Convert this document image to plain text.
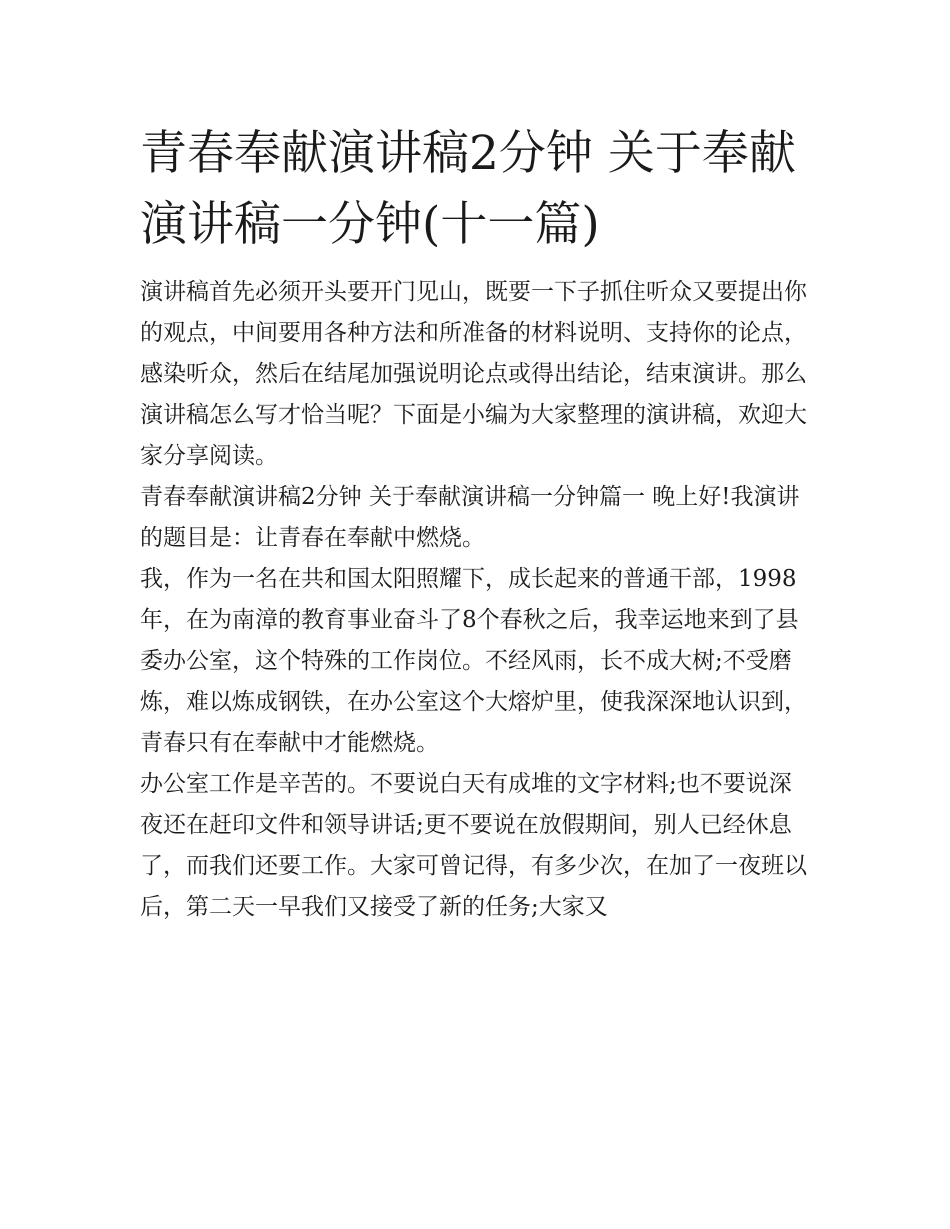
青春奉献演讲稿2分钟 关于奉献演讲稿一分钟(十一篇)

演讲稿首先必须开头要开门见山，既要一下子抓住听众又要提出你的观点，中间要用各种方法和所准备的材料说明、支持你的论点，感染听众，然后在结尾加强说明论点或得出结论，结束演讲。那么演讲稿怎么写才恰当呢？下面是小编为大家整理的演讲稿，欢迎大家分享阅读。

青春奉献演讲稿2分钟 关于奉献演讲稿一分钟篇一 晚上好!我演讲的题目是：让青春在奉献中燃烧。

我，作为一名在共和国太阳照耀下，成长起来的普通干部，1998年，在为南漳的教育事业奋斗了8个春秋之后，我幸运地来到了县委办公室，这个特殊的工作岗位。不经风雨，长不成大树;不受磨炼，难以炼成钢铁，在办公室这个大熔炉里，使我深深地认识到，青春只有在奉献中才能燃烧。

办公室工作是辛苦的。不要说白天有成堆的文字材料;也不要说深夜还在赶印文件和领导讲话;更不要说在放假期间，别人已经休息了，而我们还要工作。大家可曾记得，有多少次，在加了一夜班以后，第二天一早我们又接受了新的任务;大家又
